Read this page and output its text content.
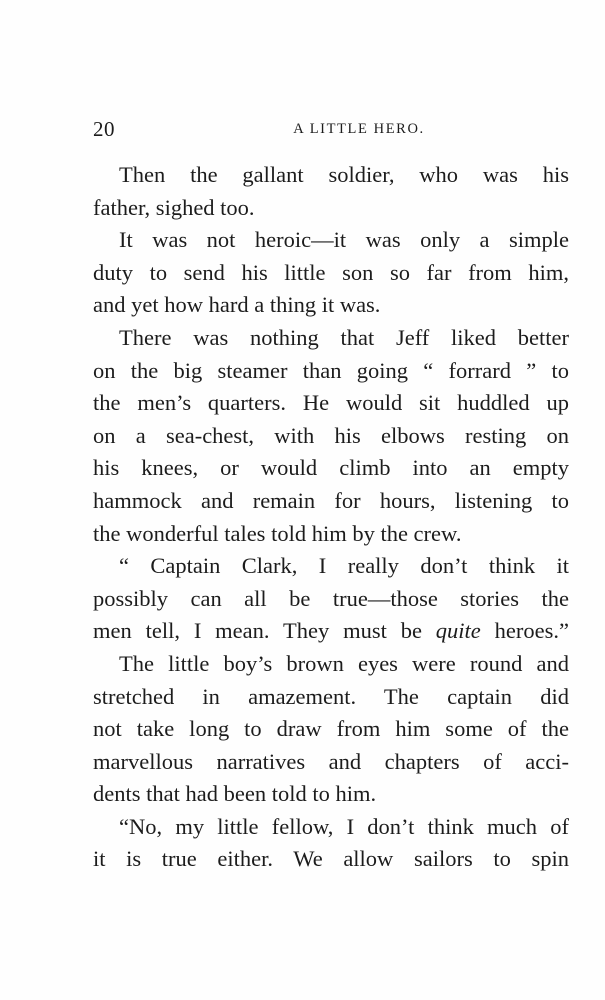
20	A LITTLE HERO.

Then the gallant soldier, who was his
father, sighed too.

It was not heroic—it was only a simple
duty to send his little son so far from him,
and yet how hard a thing it was.

There was nothing that Jeff liked better
on the big steamer than going “ forrard ” to
the men’s quarters. He would sit huddled up
on a sea-chest, with his elbows resting on
his knees, or would climb into an empty
hammock and remain for hours, listening to
the wonderful tales told him by the crew.

“ Captain Clark, I really don’t think it
possibly can all be true—those stories the
men tell, I mean. They must be quite heroes.”

The little boy’s brown eyes were round and
stretched in amazement. The captain did
not take long to draw from him some of the
marvellous narratives and chapters of acci-
dents that had been told to him.

“No, my little fellow, I don’t think much of
it is true either. We allow sailors to spin
